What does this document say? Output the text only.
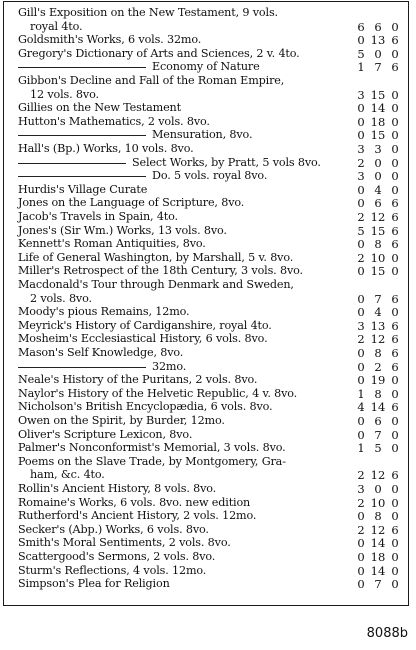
Gill's Exposition on the New Testament, 9 vols.
royal 4to.	6 6 0
Goldsmith's Works, 6 vols. 32mo.	0 13 6
Gregory's Dictionary of Arts and Sciences, 2 v. 4to.	5 0 0
Economy of Nature	1 7 6
Gibbon's Decline and Fall of the Roman Empire,
12 vols. 8vo.	3 15 0
Gillies on the New Testament	0 14 0
Hutton's Mathematics, 2 vols. 8vo.	0 18 0
Mensuration, 8vo.	0 15 0
Hall's (Bp.) Works, 10 vols. 8vo.	3 3 0
Select Works, by Pratt, 5 vols 8vo.	2 0 0
Do. 5 vols. royal 8vo.	3 0 0
Hurdis's Village Curate	0 4 0
Jones on the Language of Scripture, 8vo.	0 6 6
Jacob's Travels in Spain, 4to.	2 12 6
Jones's (Sir Wm.) Works, 13 vols. 8vo.	5 15 6
Kennett's Roman Antiquities, 8vo.	0 8 6
Life of General Washington, by Marshall, 5 v. 8vo.	2 10 0
Miller's Retrospect of the 18th Century, 3 vols. 8vo.	0 15 0
Macdonald's Tour through Denmark and Sweden,
2 vols. 8vo.	0 7 6
Moody's pious Remains, 12mo.	0 4 0
Meyrick's History of Cardiganshire, royal 4to.	3 13 6
Mosheim's Ecclesiastical History, 6 vols. 8vo.	2 12 6
Mason's Self Knowledge, 8vo.	0 8 6
32mo.	0 2 6
Neale's History of the Puritans, 2 vols. 8vo.	0 19 0
Naylor's History of the Helvetic Republic, 4 v. 8vo.	1 8 0
Nicholson's British Encyclopædia, 6 vols. 8vo.	4 14 6
Owen on the Spirit, by Burder, 12mo.	0 6 0
Oliver's Scripture Lexicon, 8vo.	0 7 0
Palmer's Nonconformist's Memorial, 3 vols. 8vo.	1 5 0
Poems on the Slave Trade, by Montgomery, Gra-
ham, &c. 4to.	2 12 6
Rollin's Ancient History, 8 vols. 8vo.	3 0 0
Romaine's Works, 6 vols. 8vo. new edition	2 10 0
Rutherford's Ancient History, 2 vols. 12mo.	0 8 0
Secker's (Abp.) Works, 6 vols. 8vo.	2 12 6
Smith's Moral Sentiments, 2 vols. 8vo.	0 14 0
Scattergood's Sermons, 2 vols. 8vo.	0 18 0
Sturm's Reflections, 4 vols. 12mo.	0 14 0
Simpson's Plea for Religion	0 7 0
8088b
